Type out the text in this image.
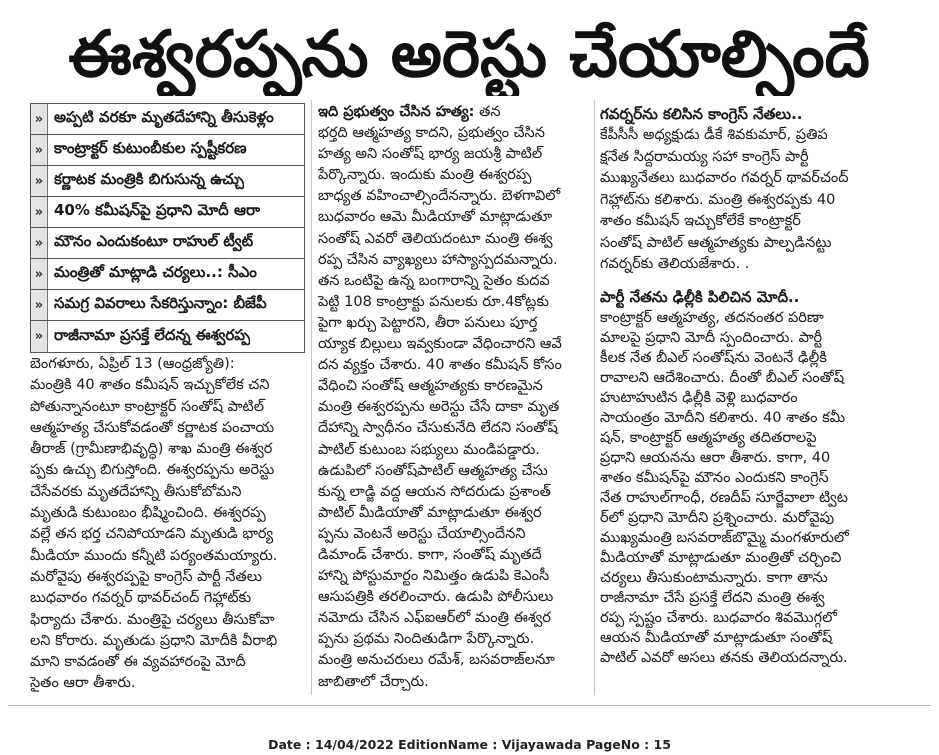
ఈశ్వరప్పను అరెస్టు చేయాల్సిందే
»
అప్పటి వరకూ మృతదేహాన్ని తీసుకెళ్లం
»
కాంట్రాక్టర్ కుటుంబీకుల స్పష్టీకరణ
»
కర్ణాటక మంత్రికి బిగుసున్న ఉచ్చు
»
40% కమీషన్‌పై ప్రధాని మోదీ ఆరా
»
మౌనం ఎందుకంటూ రాహుల్ ట్వీట్
»
మంత్రితో మాట్లాడి చర్యలు..: సీఎం
»
సమగ్ర వివరాలు సేకరిస్తున్నాం: బీజేపీ
»
రాజీనామా ప్రసక్తే లేదన్న ఈశ్వరప్ప
బెంగళూరు, ఏప్రిల్ 13 (ఆంధ్రజ్యోతి):
మంత్రికి 40 శాతం కమీషన్ ఇచ్చుకోలేక చని
పోతున్నానంటూ కాంట్రాక్టర్ సంతోష్ పాటిల్
ఆత్మహత్య చేసుకోవడంతో కర్ణాటక పంచాయ
తీరాజ్ (గ్రామీణాభివృద్ధి) శాఖ మంత్రి ఈశ్వర
ప్పకు ఉచ్చు బిగుస్తోంది. ఈశ్వరప్పను అరెస్టు
చేసేవరకు మృతదేహాన్ని తీసుకోబోమని
మృతుడి కుటుంబం భీష్మించింది. ఈశ్వరప్ప
వల్లే తన భర్త చనిపోయాడని మృతుడి భార్య
మీడియా ముందు కన్నీటి పర్యంతమయ్యారు.
మరోవైపు ఈశ్వరప్పపై కాంగ్రెస్ పార్టీ నేతలు
బుధవారం గవర్నర్ థావర్‌చంద్ గెహ్లాట్‌కు
ఫిర్యాదు చేశారు. మంత్రిపై చర్యలు తీసుకోవా
లని కోరారు. మృతుడు ప్రధాని మోదీకి వీరాభి
మాని కావడంతో ఈ వ్యవహారంపై మోదీ
సైతం ఆరా తీశారు.
ఇది ప్రభుత్వం చేసిన హత్య: తన
భర్తది ఆత్మహత్య కాదని, ప్రభుత్వం చేసిన
హత్య అని సంతోష్ భార్య జయశ్రీ పాటిల్
పేర్కొన్నారు. ఇందుకు మంత్రి ఈశ్వరప్ప
బాధ్యత వహించాల్సిందేనన్నారు. బెళగావిలో
బుధవారం ఆమె మీడియాతో మాట్లాడుతూ
సంతోష్ ఎవరో తెలియదంటూ మంత్రి ఈశ్వ
రప్ప చేసిన వ్యాఖ్యలు హాస్యాస్పదమన్నారు.
తన ఒంటిపై ఉన్న బంగారాన్ని సైతం కుదవ
పెట్టి 108 కాంట్రాక్టు పనులకు రూ.4కోట్లకు
పైగా ఖర్చు పెట్టారని, తీరా పనులు పూర్త
య్యాక బిల్లులు ఇవ్వకుండా వేధించారని ఆవే
దన వ్యక్తం చేశారు. 40 శాతం కమీషన్ కోసం
వేధించి సంతోష్ ఆత్మహత్యకు కారణమైన
మంత్రి ఈశ్వరప్పను అరెస్టు చేసే దాకా మృత
దేహాన్ని స్వాధీనం చేసుకునేది లేదని సంతోష్
పాటిల్ కుటుంబ సభ్యులు మండిపడ్డారు.
ఉడుపిలో సంతోష్‌పాటిల్ ఆత్మహత్య చేసు
కున్న లాడ్జి వద్ద ఆయన సోదరుడు ప్రశాంత్
పాటిల్ మీడియాతో మాట్లాడుతూ ఈశ్వర
ప్పను వెంటనే అరెస్టు చేయాల్సిందేనని
డిమాండ్ చేశారు. కాగా, సంతోష్ మృతదే
హాన్ని పోస్టుమార్టం నిమిత్తం ఉడుపి కెఎంసీ
ఆసుపత్రికి తరలించారు. ఉడుపి పోలీసులు
నమోదు చేసిన ఎఫ్ఐఆర్‌లో మంత్రి ఈశ్వర
ప్పను ప్రథమ నిందితుడిగా పేర్కొన్నారు.
మంత్రి అనుచరులు రమేశ్, బసవరాజ్‌లనూ
జాబితాలో చేర్చారు.
గవర్నర్‌ను కలిసిన కాంగ్రెస్ నేతలు..
కేపీసీసీ అధ్యక్షుడు డీకే శివకుమార్, ప్రతిప
క్షనేత సిద్దరామయ్య సహా కాంగ్రెస్ పార్టీ
ముఖ్యనేతలు బుధవారం గవర్నర్ థావర్‌చంద్
గెహ్లాట్‌ను కలిశారు. మంత్రి ఈశ్వరప్పకు 40
శాతం కమీషన్ ఇచ్చుకోలేకే కాంట్రాక్టర్
సంతోష్ పాటిల్ ఆత్మహత్యకు పాల్పడినట్టు
గవర్నర్‌కు తెలియజేశారు. .
పార్టీ నేతను ఢిల్లీకి పిలిచిన మోదీ..
కాంట్రాక్టర్ ఆత్మహత్య, తదనంతర పరిణా
మాలపై ప్రధాని మోదీ స్పందించారు. పార్టీ
కీలక నేత బీఎల్ సంతోష్‌ను వెంటనే ఢిల్లీకి
రావాలని ఆదేశించారు. దీంతో బీఎల్ సంతోష్
హుటాహుటిన ఢిల్లీకి వెళ్లి బుధవారం
సాయంత్రం మోదీని కలిశారు. 40 శాతం కమీ
షన్, కాంట్రాక్టర్ ఆత్మహత్య తదితరాలపై
ప్రధాని ఆయనను ఆరా తీశారు. కాగా, 40
శాతం కమీషన్‌పై మౌనం ఎందుకని కాంగ్రెస్
నేత రాహుల్‌గాంధీ, రణదీప్ సూర్జేవాలా ట్విట
ర్‌లో ప్రధాని మోదీని ప్రశ్నించారు. మరోవైపు
ముఖ్యమంత్రి బసవరాజ్‌బొమ్మై మంగళూరులో
మీడియాతో మాట్లాడుతూ మంత్రితో చర్చించి
చర్యలు తీసుకుంటామన్నారు. కాగా తాను
రాజీనామా చేసే ప్రసక్తే లేదని మంత్రి ఈశ్వ
రప్ప స్పష్టం చేశారు. బుధవారం శివమొగ్గలో
ఆయన మీడియాతో మాట్లాడుతూ సంతోష్
పాటిల్ ఎవరో అసలు తనకు తెలియదన్నారు.
Date : 14/04/2022 EditionName : Vijayawada PageNo : 15
